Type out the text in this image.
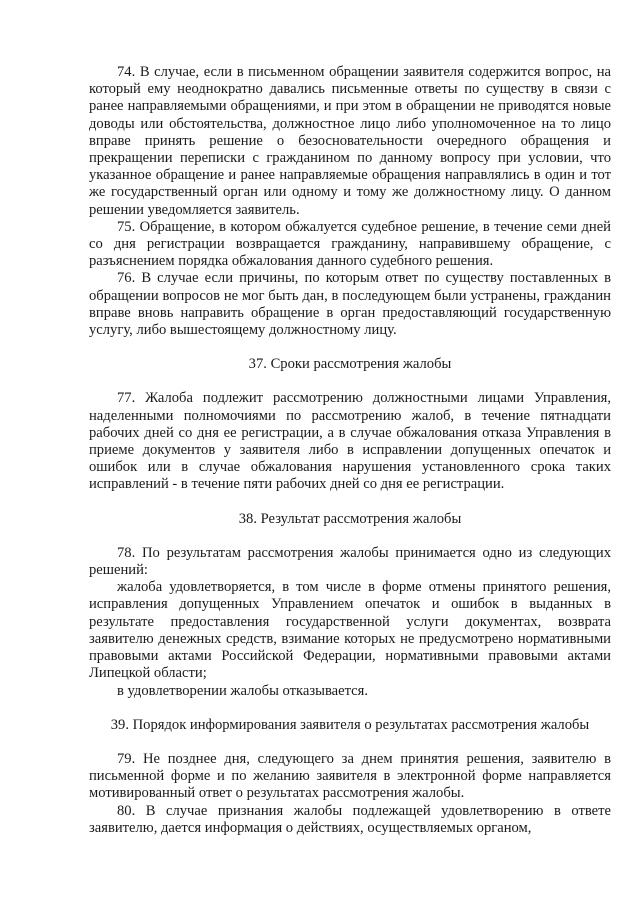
74. В случае, если в письменном обращении заявителя содержится вопрос, на который ему неоднократно давались письменные ответы по существу в связи с ранее направляемыми обращениями, и при этом в обращении не приводятся новые доводы или обстоятельства, должностное лицо либо уполномоченное на то лицо вправе принять решение о безосновательности очередного обращения и прекращении переписки с гражданином по данному вопросу при условии, что указанное обращение и ранее направляемые обращения направлялись в один и тот же государственный орган или одному и тому же должностному лицу. О данном решении уведомляется заявитель.

75. Обращение, в котором обжалуется судебное решение, в течение семи дней со дня регистрации возвращается гражданину, направившему обращение, с разъяснением порядка обжалования данного судебного решения.

76. В случае если причины, по которым ответ по существу поставленных в обращении вопросов не мог быть дан, в последующем были устранены, гражданин вправе вновь направить обращение в орган предоставляющий государственную услугу, либо вышестоящему должностному лицу.

37. Сроки рассмотрения жалобы

77. Жалоба подлежит рассмотрению должностными лицами Управления, наделенными полномочиями по рассмотрению жалоб, в течение пятнадцати рабочих дней со дня ее регистрации, а в случае обжалования отказа Управления в приеме документов у заявителя либо в исправлении допущенных опечаток и ошибок или в случае обжалования нарушения установленного срока таких исправлений - в течение пяти рабочих дней со дня ее регистрации.

38. Результат рассмотрения жалобы

78. По результатам рассмотрения жалобы принимается одно из следующих решений:

жалоба удовлетворяется, в том числе в форме отмены принятого решения, исправления допущенных Управлением опечаток и ошибок в выданных в результате предоставления государственной услуги документах, возврата заявителю денежных средств, взимание которых не предусмотрено нормативными правовыми актами Российской Федерации, нормативными правовыми актами Липецкой области;

в удовлетворении жалобы отказывается.

39. Порядок информирования заявителя о результатах рассмотрения жалобы

79. Не позднее дня, следующего за днем принятия решения, заявителю в письменной форме и по желанию заявителя в электронной форме направляется мотивированный ответ о результатах рассмотрения жалобы.

80. В случае признания жалобы подлежащей удовлетворению в ответе заявителю, дается информация о действиях, осуществляемых органом,
